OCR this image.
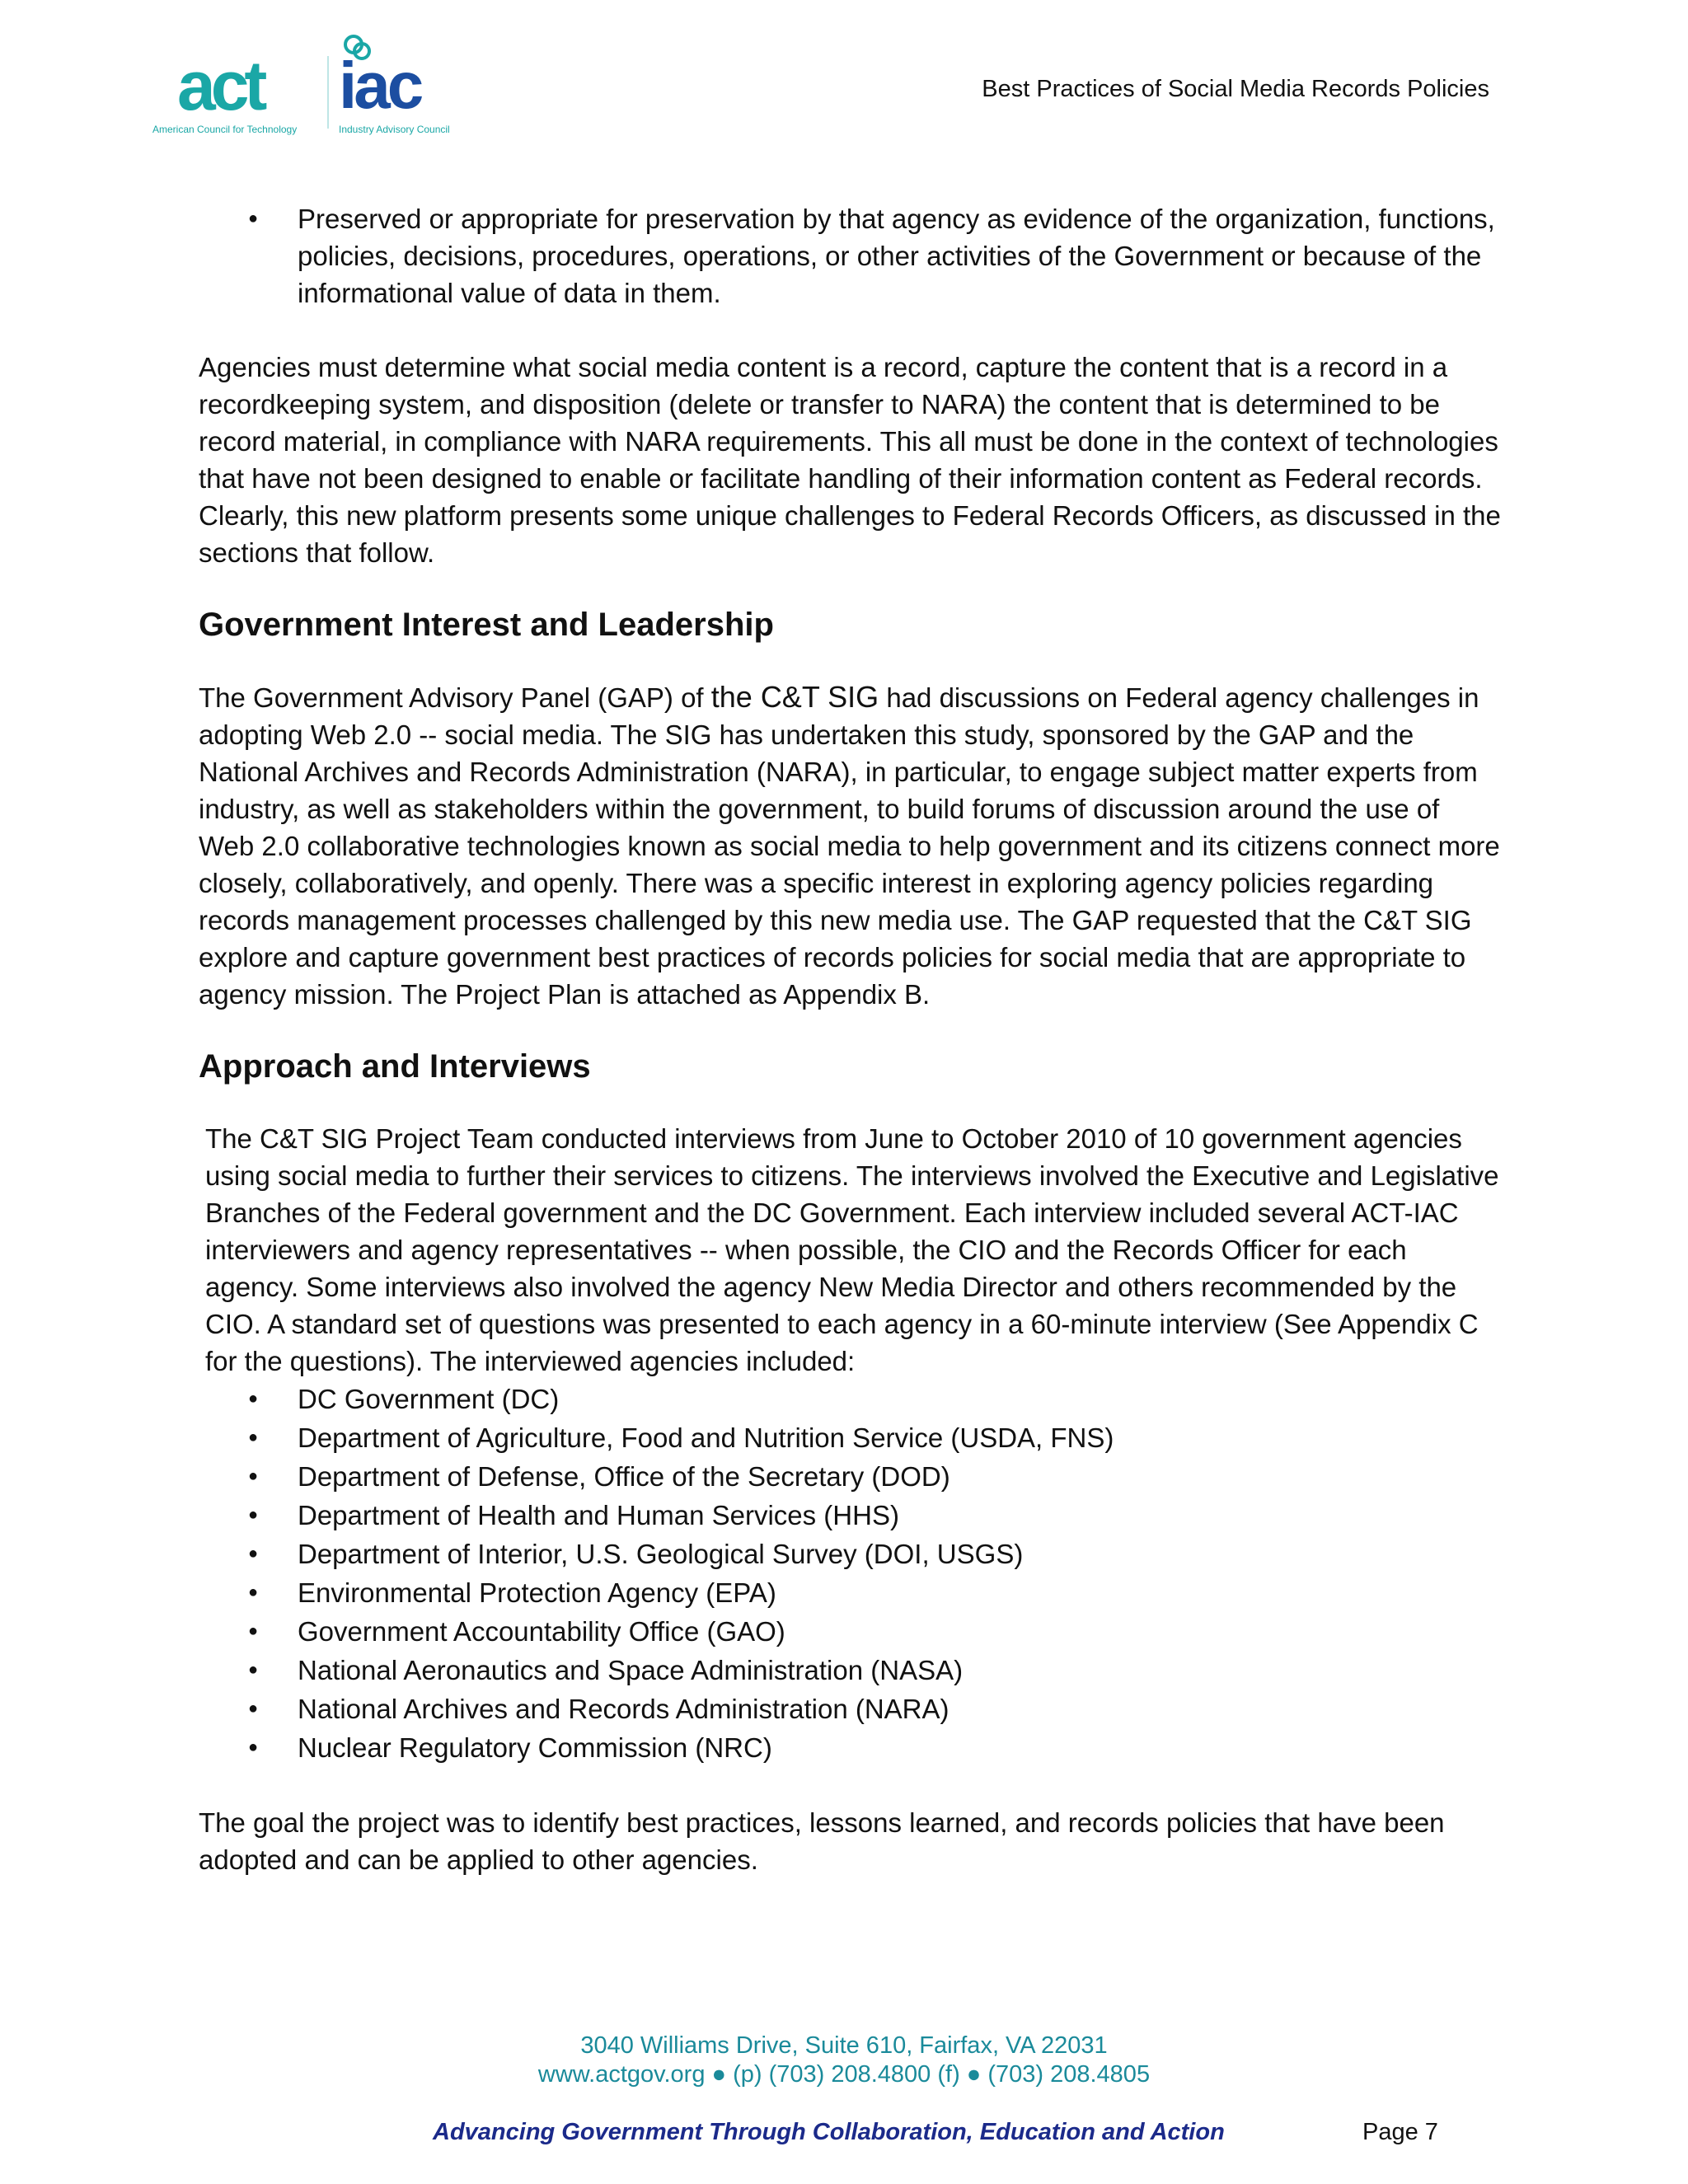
act
American Council for Technology
iac
Industry Advisory Council
Best Practices of Social Media Records Policies
● Preserved or appropriate for preservation by that agency as evidence of the organization, functions, policies, decisions, procedures, operations, or other activities of the Government or because of the informational value of data in them.

Agencies must determine what social media content is a record, capture the content that is a record in a recordkeeping system, and disposition (delete or transfer to NARA) the content that is determined to be record material, in compliance with NARA requirements. This all must be done in the context of technologies that have not been designed to enable or facilitate handling of their information content as Federal records. Clearly, this new platform presents some unique challenges to Federal Records Officers, as discussed in the sections that follow.

Government Interest and Leadership

The Government Advisory Panel (GAP) of the C&T SIG had discussions on Federal agency challenges in adopting Web 2.0 -- social media. The SIG has undertaken this study, sponsored by the GAP and the National Archives and Records Administration (NARA), in particular, to engage subject matter experts from industry, as well as stakeholders within the government, to build forums of discussion around the use of Web 2.0 collaborative technologies known as social media to help government and its citizens connect more closely, collaboratively, and openly. There was a specific interest in exploring agency policies regarding records management processes challenged by this new media use. The GAP requested that the C&T SIG explore and capture government best practices of records policies for social media that are appropriate to agency mission. The Project Plan is attached as Appendix B.

Approach and Interviews

The C&T SIG Project Team conducted interviews from June to October 2010 of 10 government agencies using social media to further their services to citizens. The interviews involved the Executive and Legislative Branches of the Federal government and the DC Government. Each interview included several ACT-IAC interviewers and agency representatives -- when possible, the CIO and the Records Officer for each agency. Some interviews also involved the agency New Media Director and others recommended by the CIO. A standard set of questions was presented to each agency in a 60-minute interview (See Appendix C for the questions). The interviewed agencies included:

● DC Government (DC)
● Department of Agriculture, Food and Nutrition Service (USDA, FNS)
● Department of Defense, Office of the Secretary (DOD)
● Department of Health and Human Services (HHS)
● Department of Interior, U.S. Geological Survey (DOI, USGS)
● Environmental Protection Agency (EPA)
● Government Accountability Office (GAO)
● National Aeronautics and Space Administration (NASA)
● National Archives and Records Administration (NARA)
● Nuclear Regulatory Commission (NRC)

The goal the project was to identify best practices, lessons learned, and records policies that have been adopted and can be applied to other agencies.

3040 Williams Drive, Suite 610, Fairfax, VA 22031
www.actgov.org ● (p) (703) 208.4800 (f) ● (703) 208.4805
Advancing Government Through Collaboration, Education and Action	Page 7
